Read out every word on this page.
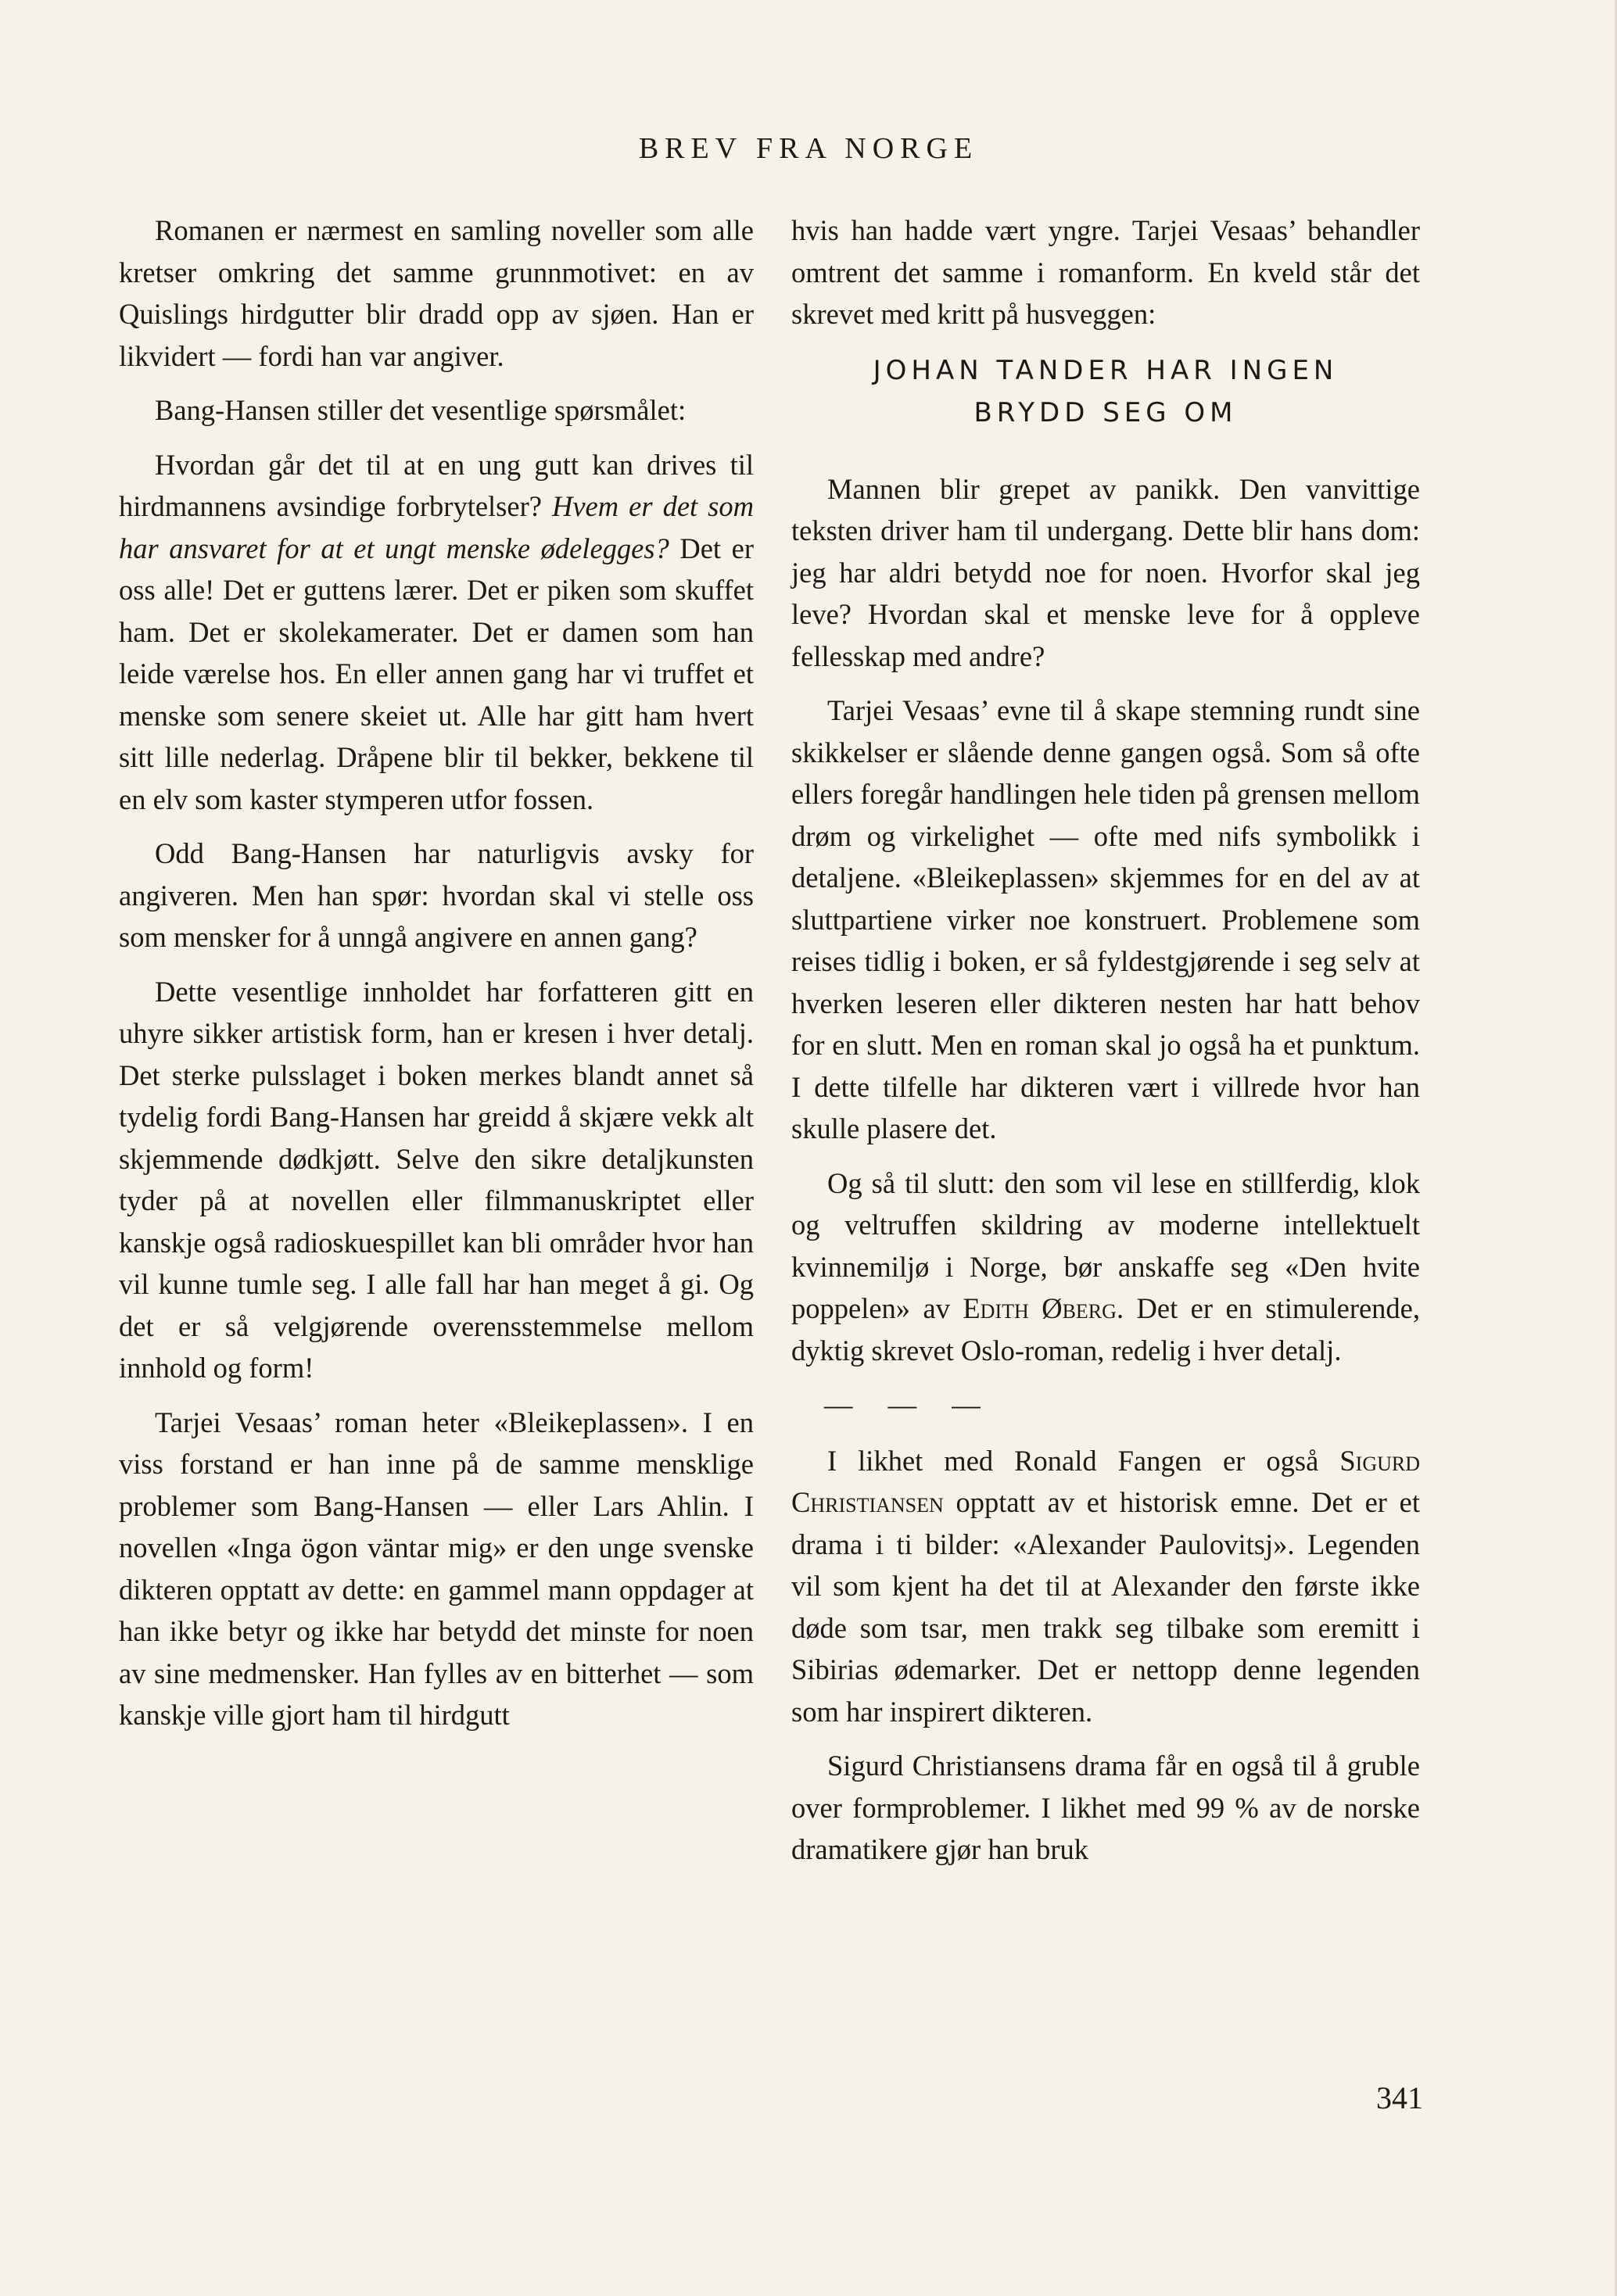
BREV FRA NORGE

Romanen er nærmest en samling noveller som alle kretser omkring det samme grunnmotivet: en av Quislings hirdgutter blir dradd opp av sjøen. Han er likvidert — fordi han var angiver.

Bang-Hansen stiller det vesentlige spørsmålet:

Hvordan går det til at en ung gutt kan drives til hirdmannens avsindige forbrytelser? Hvem er det som har ansvaret for at et ungt menske ødelegges? Det er oss alle! Det er guttens lærer. Det er piken som skuffet ham. Det er skolekamerater. Det er damen som han leide værelse hos. En eller annen gang har vi truffet et menske som senere skeiet ut. Alle har gitt ham hvert sitt lille nederlag. Dråpene blir til bekker, bekkene til en elv som kaster stymperen utfor fossen.

Odd Bang-Hansen har naturligvis avsky for angiveren. Men han spør: hvordan skal vi stelle oss som mensker for å unngå angivere en annen gang?

Dette vesentlige innholdet har forfatteren gitt en uhyre sikker artistisk form, han er kresen i hver detalj. Det sterke pulsslaget i boken merkes blandt annet så tydelig fordi Bang-Hansen har greidd å skjære vekk alt skjemmende dødkjøtt. Selve den sikre detaljkunsten tyder på at novellen eller filmmanuskriptet eller kanskje også radioskuespillet kan bli områder hvor han vil kunne tumle seg. I alle fall har han meget å gi. Og det er så velgjørende overensstemmelse mellom innhold og form!

Tarjei Vesaas’ roman heter «Bleikeplassen». I en viss forstand er han inne på de samme mensklige problemer som Bang-Hansen — eller Lars Ahlin. I novellen «Inga ögon väntar mig» er den unge svenske dikteren opptatt av dette: en gammel mann oppdager at han ikke betyr og ikke har betydd det minste for noen av sine medmensker. Han fylles av en bitterhet — som kanskje ville gjort ham til hirdgutt

hvis han hadde vært yngre. Tarjei Vesaas’ behandler omtrent det samme i romanform. En kveld står det skrevet med kritt på husveggen:

JOHAN TANDER HAR INGEN
BRYDD SEG OM

Mannen blir grepet av panikk. Den vanvittige teksten driver ham til undergang. Dette blir hans dom: jeg har aldri betydd noe for noen. Hvorfor skal jeg leve? Hvordan skal et menske leve for å oppleve fellesskap med andre?

Tarjei Vesaas’ evne til å skape stemning rundt sine skikkelser er slående denne gangen også. Som så ofte ellers foregår handlingen hele tiden på grensen mellom drøm og virkelighet — ofte med nifs symbolikk i detaljene. «Bleikeplassen» skjemmes for en del av at sluttpartiene virker noe konstruert. Problemene som reises tidlig i boken, er så fyldestgjørende i seg selv at hverken leseren eller dikteren nesten har hatt behov for en slutt. Men en roman skal jo også ha et punktum. I dette tilfelle har dikteren vært i villrede hvor han skulle plasere det.

Og så til slutt: den som vil lese en stillferdig, klok og veltruffen skildring av moderne intellektuelt kvinnemiljø i Norge, bør anskaffe seg «Den hvite poppelen» av Edith Øberg. Det er en stimulerende, dyktig skrevet Oslo-roman, redelig i hver detalj.

— — —

I likhet med Ronald Fangen er også Sigurd Christiansen opptatt av et historisk emne. Det er et drama i ti bilder: «Alexander Paulovitsj». Legenden vil som kjent ha det til at Alexander den første ikke døde som tsar, men trakk seg tilbake som eremitt i Sibirias ødemarker. Det er nettopp denne legenden som har inspirert dikteren.

Sigurd Christiansens drama får en også til å gruble over formproblemer. I likhet med 99 % av de norske dramatikere gjør han bruk

341
